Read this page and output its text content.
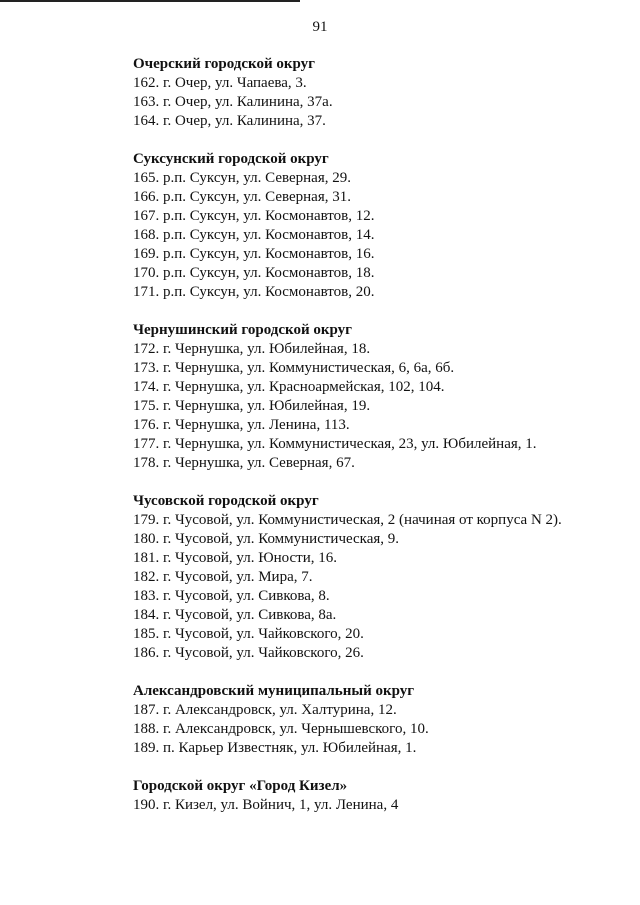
91
Очерский городской округ
162. г. Очер, ул. Чапаева, 3.
163. г. Очер, ул. Калинина, 37а.
164. г. Очер, ул. Калинина, 37.
Суксунский городской округ
165. р.п. Суксун, ул. Северная, 29.
166. р.п. Суксун, ул. Северная, 31.
167. р.п. Суксун, ул. Космонавтов, 12.
168. р.п. Суксун, ул. Космонавтов, 14.
169. р.п. Суксун, ул. Космонавтов, 16.
170. р.п. Суксун, ул. Космонавтов, 18.
171. р.п. Суксун, ул. Космонавтов, 20.
Чернушинский городской округ
172. г. Чернушка, ул. Юбилейная, 18.
173. г. Чернушка, ул. Коммунистическая, 6, 6а, 6б.
174. г. Чернушка, ул. Красноармейская, 102, 104.
175. г. Чернушка, ул. Юбилейная, 19.
176. г. Чернушка, ул. Ленина, 113.
177. г. Чернушка, ул. Коммунистическая, 23, ул. Юбилейная, 1.
178. г. Чернушка, ул. Северная, 67.
Чусовской городской округ
179. г. Чусовой, ул. Коммунистическая, 2 (начиная от корпуса N 2).
180. г. Чусовой, ул. Коммунистическая, 9.
181. г. Чусовой, ул. Юности, 16.
182. г. Чусовой, ул. Мира, 7.
183. г. Чусовой, ул. Сивкова, 8.
184. г. Чусовой, ул. Сивкова, 8а.
185. г. Чусовой, ул. Чайковского, 20.
186. г. Чусовой, ул. Чайковского, 26.
Александровский муниципальный округ
187. г. Александровск, ул. Халтурина, 12.
188. г. Александровск, ул. Чернышевского, 10.
189. п. Карьер Известняк, ул. Юбилейная, 1.
Городской округ «Город Кизел»
190. г. Кизел, ул. Войнич, 1, ул. Ленина, 4
